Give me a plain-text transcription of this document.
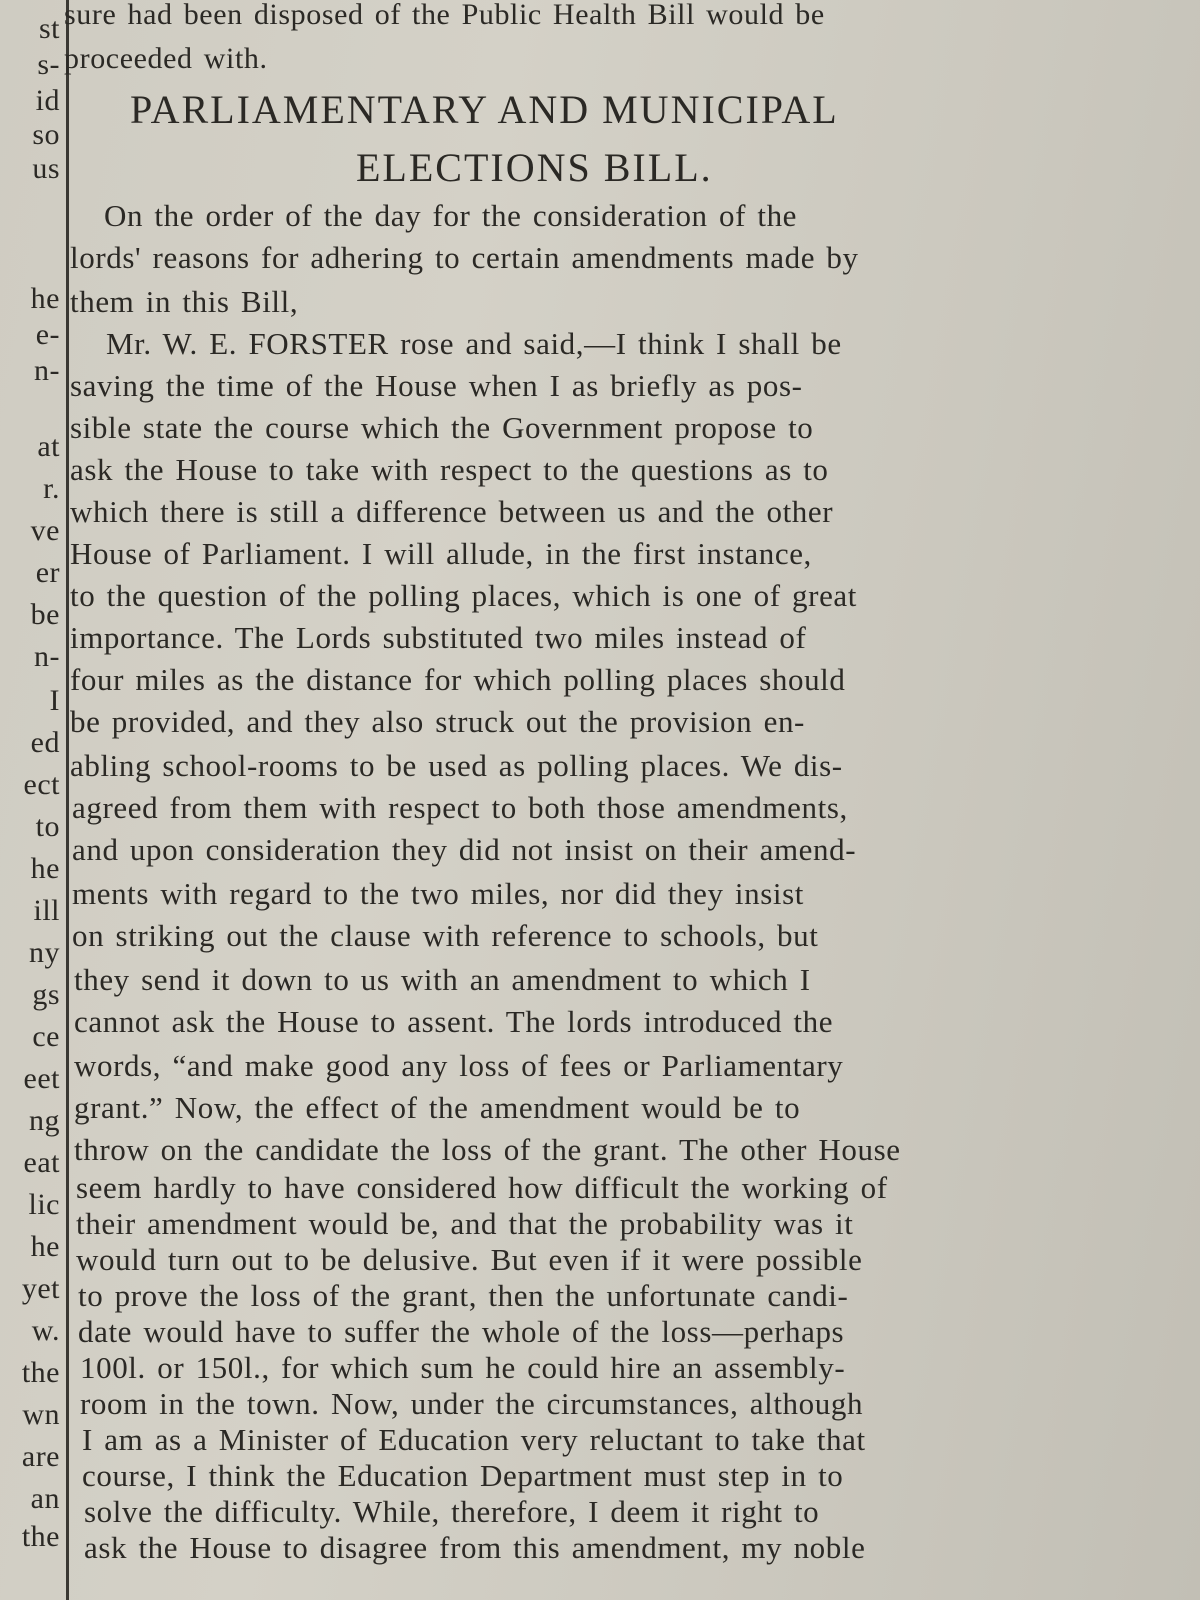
st
s-
id
so
us
he
e-
n-
at
r.
ve
er
be
n-
I
ed
ect
to
he
ill
ny
gs
ce
eet
ng
eat
lic
he
yet
w.
the
wn
are
an
the
sure had been disposed of the Public Health Bill would be
proceeded with.
PARLIAMENTARY AND MUNICIPAL
ELECTIONS BILL.
On the order of the day for the consideration of the
lords' reasons for adhering to certain amendments made by
them in this Bill,
Mr. W. E. FORSTER rose and said,—I think I shall be
saving the time of the House when I as briefly as pos-
sible state the course which the Government propose to
ask the House to take with respect to the questions as to
which there is still a difference between us and the other
House of Parliament. I will allude, in the first instance,
to the question of the polling places, which is one of great
importance. The Lords substituted two miles instead of
four miles as the distance for which polling places should
be provided, and they also struck out the provision en-
abling school-rooms to be used as polling places. We dis-
agreed from them with respect to both those amendments,
and upon consideration they did not insist on their amend-
ments with regard to the two miles, nor did they insist
on striking out the clause with reference to schools, but
they send it down to us with an amendment to which I
cannot ask the House to assent. The lords introduced the
words, “and make good any loss of fees or Parliamentary
grant.” Now, the effect of the amendment would be to
throw on the candidate the loss of the grant. The other House
seem hardly to have considered how difficult the working of
their amendment would be, and that the probability was it
would turn out to be delusive. But even if it were possible
to prove the loss of the grant, then the unfortunate candi-
date would have to suffer the whole of the loss—perhaps
100l. or 150l., for which sum he could hire an assembly-
room in the town. Now, under the circumstances, although
I am as a Minister of Education very reluctant to take that
course, I think the Education Department must step in to
solve the difficulty. While, therefore, I deem it right to
ask the House to disagree from this amendment, my noble
